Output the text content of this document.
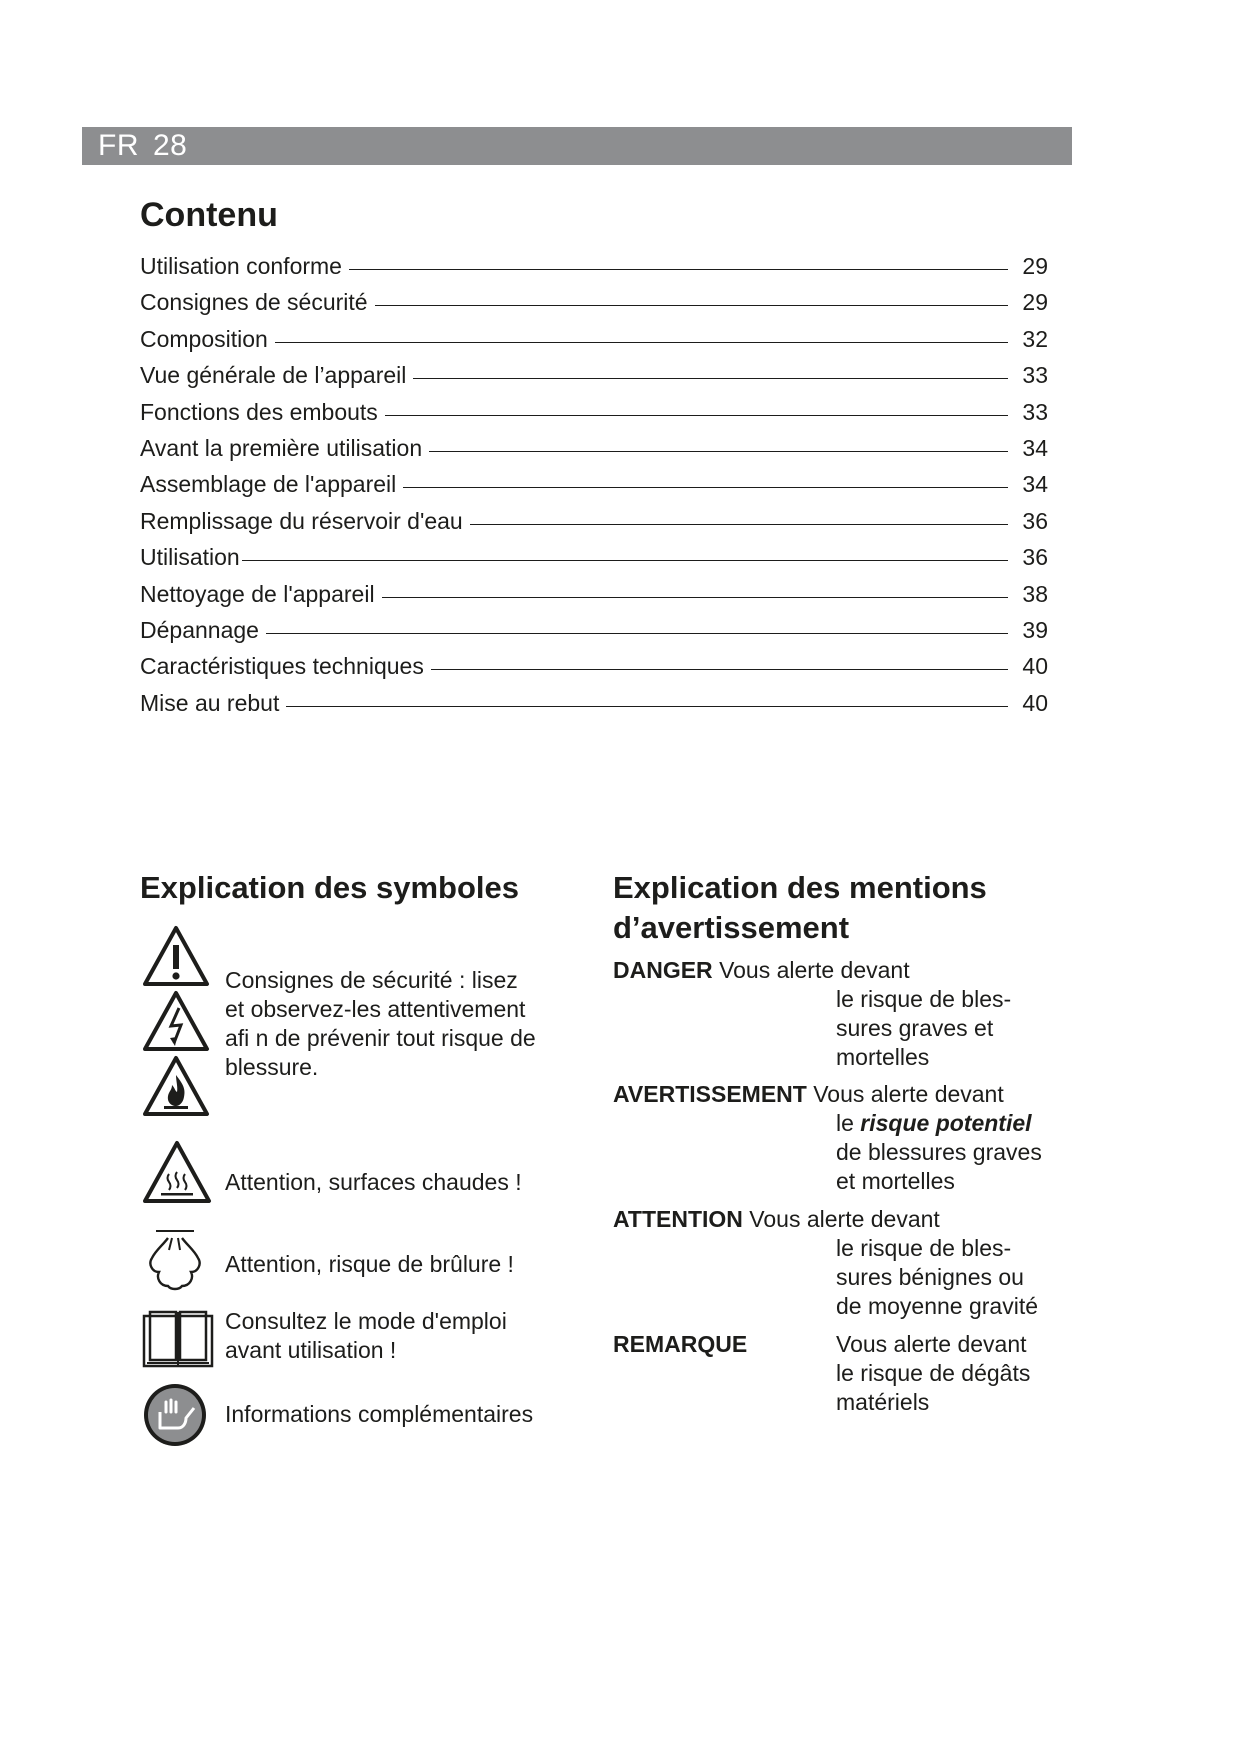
FR 28
Contenu
Utilisation conforme	29
Consignes de sécurité	29
Composition	32
Vue générale de l’appareil	33
Fonctions des embouts	33
Avant la première utilisation	34
Assemblage de l'appareil	34
Remplissage du réservoir d'eau	36
Utilisation	36
Nettoyage de l'appareil	38
Dépannage	39
Caractéristiques techniques	40
Mise au rebut	40
Explication des symboles
Consignes de sécurité : lisez
et observez-les attentivement
afi n de prévenir tout risque de
blessure.
Attention, surfaces chaudes !
Attention, risque de brûlure !
Consultez le mode d'emploi
avant utilisation !
Informations complémentaires
Explication des mentions
d’avertissement
DANGER Vous alerte devant
le risque de bles-
sures graves et
mortelles
AVERTISSEMENT Vous alerte devant
le risque potentiel
de blessures graves
et mortelles
ATTENTION Vous alerte devant
le risque de bles-
sures bénignes ou
de moyenne gravité
REMARQUE	Vous alerte devant
le risque de dégâts
matériels
